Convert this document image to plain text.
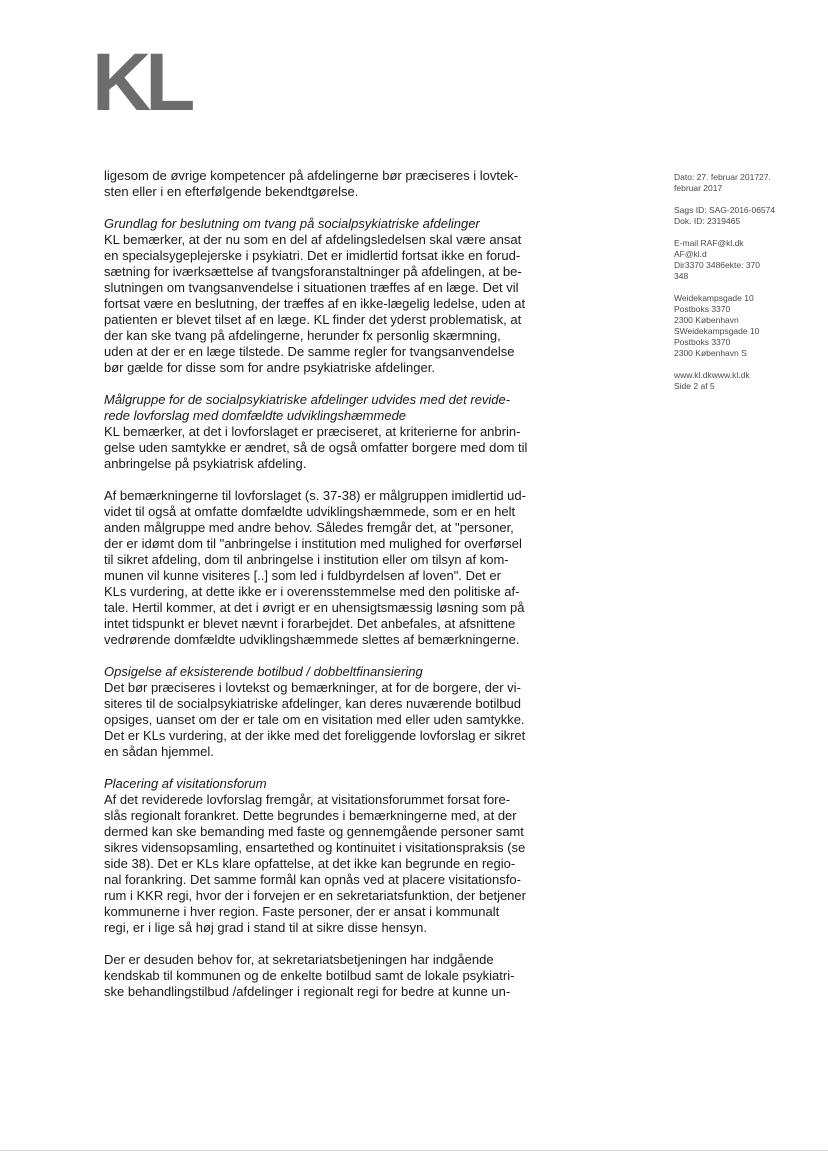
KL
ligesom de øvrige kompetencer på afdelingerne bør præciseres i lovtek-
sten eller i en efterfølgende bekendtgørelse.
Grundlag for beslutning om tvang på socialpsykiatriske afdelinger
KL bemærker, at der nu som en del af afdelingsledelsen skal være ansat
en specialsygeplejerske i psykiatri. Det er imidlertid fortsat ikke en forud-
sætning for iværksættelse af tvangsforanstaltninger på afdelingen, at be-
slutningen om tvangsanvendelse i situationen træffes af en læge. Det vil
fortsat være en beslutning, der træffes af en ikke-lægelig ledelse, uden at
patienten er blevet tilset af en læge. KL finder det yderst problematisk, at
der kan ske tvang på afdelingerne, herunder fx personlig skærmning,
uden at der er en læge tilstede. De samme regler for tvangsanvendelse
bør gælde for disse som for andre psykiatriske afdelinger.
Målgruppe for de socialpsykiatriske afdelinger udvides med det revide-
rede lovforslag med domfældte udviklingshæmmede
KL bemærker, at det i lovforslaget er præciseret, at kriterierne for anbrin-
gelse uden samtykke er ændret, så de også omfatter borgere med dom til
anbringelse på psykiatrisk afdeling.
Af bemærkningerne til lovforslaget (s. 37-38) er målgruppen imidlertid ud-
videt til også at omfatte domfældte udviklingshæmmede, som er en helt
anden målgruppe med andre behov. Således fremgår det, at "personer,
der er idømt dom til "anbringelse i institution med mulighed for overførsel
til sikret afdeling, dom til anbringelse i institution eller om tilsyn af kom-
munen vil kunne visiteres [..] som led i fuldbyrdelsen af loven". Det er
KLs vurdering, at dette ikke er i overensstemmelse med den politiske af-
tale. Hertil kommer, at det i øvrigt er en uhensigtsmæssig løsning som på
intet tidspunkt er blevet nævnt i forarbejdet. Det anbefales, at afsnittene
vedrørende domfældte udviklingshæmmede slettes af bemærkningerne.
Opsigelse af eksisterende botilbud / dobbeltfinansiering
Det bør præciseres i lovtekst og bemærkninger, at for de borgere, der vi-
siteres til de socialpsykiatriske afdelinger, kan deres nuværende botilbud
opsiges, uanset om der er tale om en visitation med eller uden samtykke.
Det er KLs vurdering, at der ikke med det foreliggende lovforslag er sikret
en sådan hjemmel.
Placering af visitationsforum
Af det reviderede lovforslag fremgår, at visitationsforummet forsat fore-
slås regionalt forankret. Dette begrundes i bemærkningerne med, at der
dermed kan ske bemanding med faste og gennemgående personer samt
sikres vidensopsamling, ensartethed og kontinuitet i visitationspraksis (se
side 38). Det er KLs klare opfattelse, at det ikke kan begrunde en regio-
nal forankring. Det samme formål kan opnås ved at placere visitationsfo-
rum i KKR regi, hvor der i forvejen er en sekretariatsfunktion, der betjener
kommunerne i hver region. Faste personer, der er ansat i kommunalt
regi, er i lige så høj grad i stand til at sikre disse hensyn.
Der er desuden behov for, at sekretariatsbetjeningen har indgående
kendskab til kommunen og de enkelte botilbud samt de lokale psykiatri-
ske behandlingstilbud /afdelinger i regionalt regi for bedre at kunne un-
Dato: 27. februar 201727.
februar 2017
Sags ID: SAG-2016-06574
Dok. ID: 2319465
E-mail RAF@kl.dk
AF@kl.d
Dir3370 3486ekte: 370
348
Weidekampsgade 10
Postboks 3370
2300 København
SWeidekampsgade 10
Postboks 3370
2300 København S
www.kl.dkwww.kl.dk
Side 2 af 5
